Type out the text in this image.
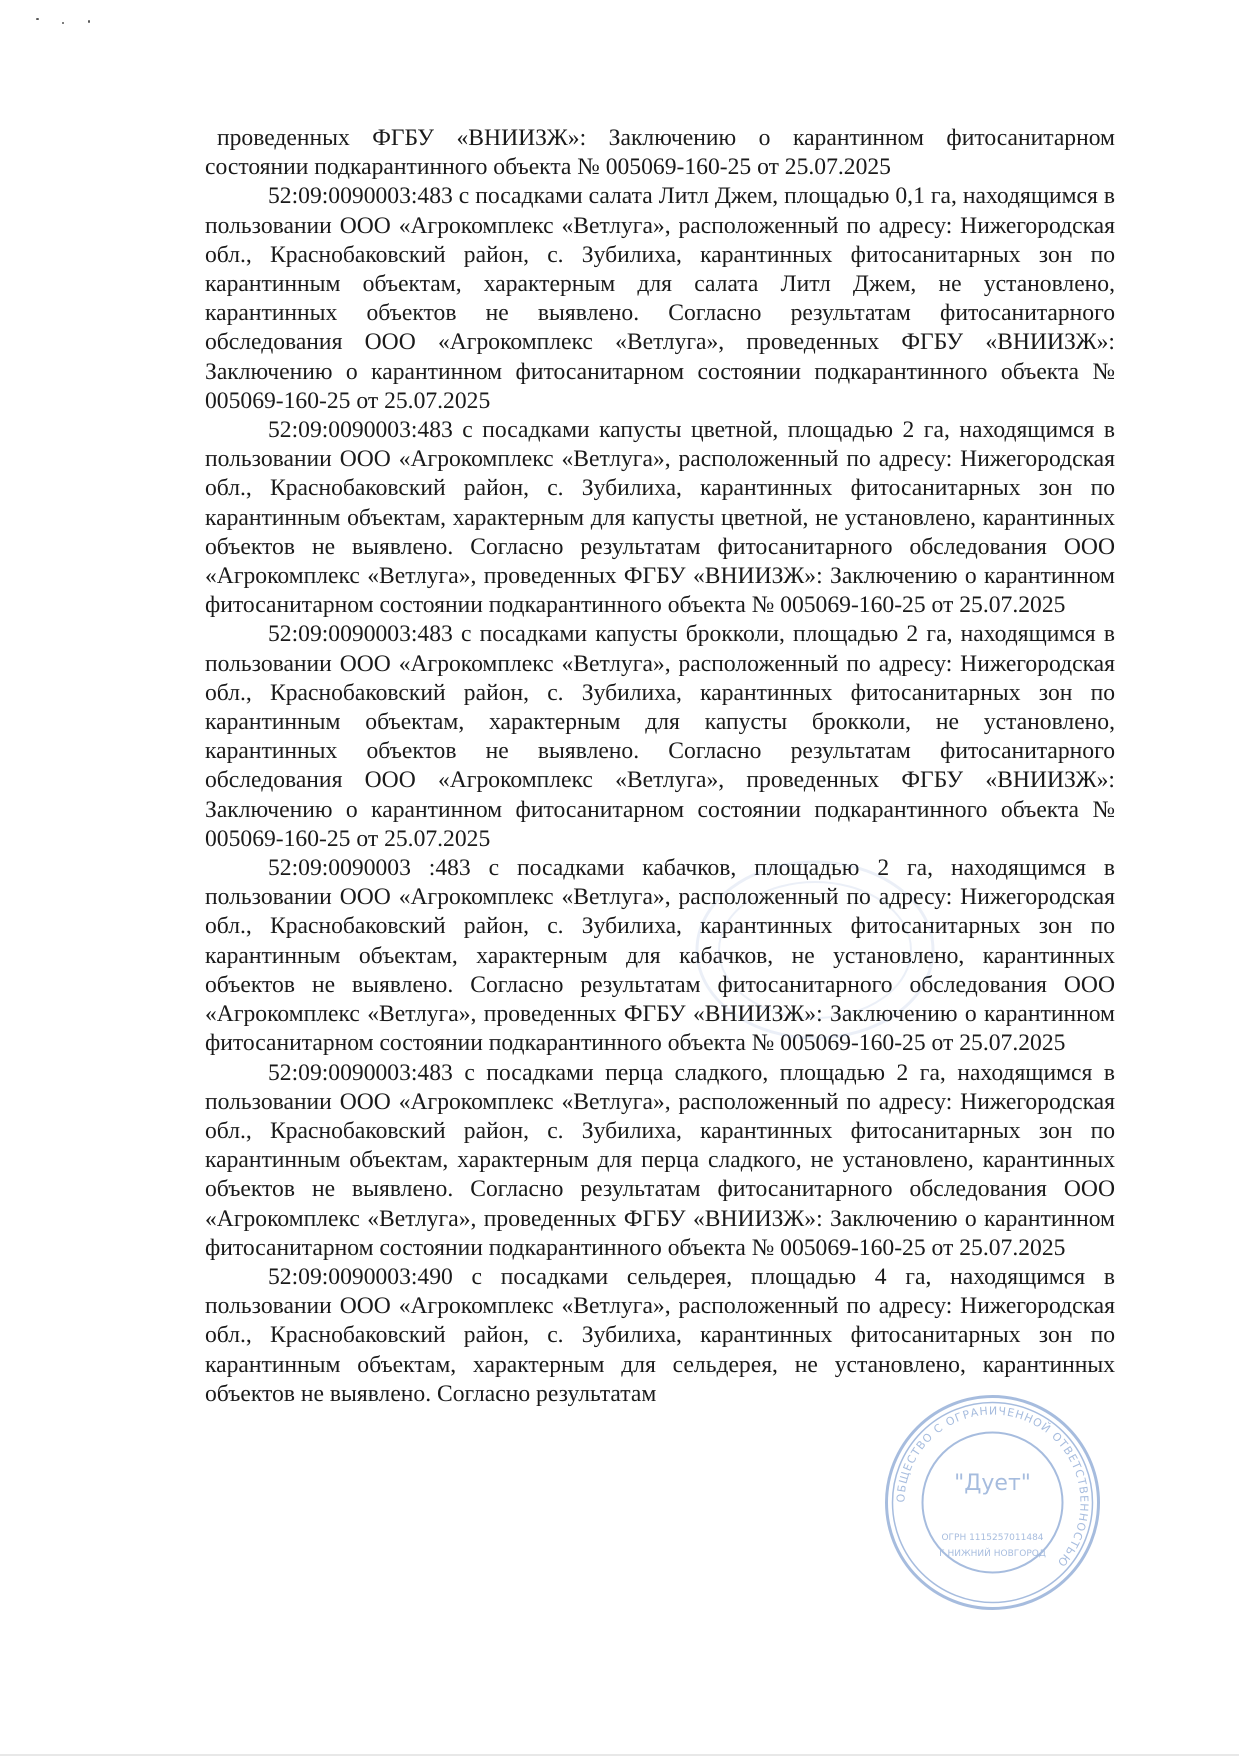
проведенных ФГБУ «ВНИИЗЖ»: Заключению о карантинном фитосанитарном состоянии подкарантинного объекта № 005069-160-25 от 25.07.2025

52:09:0090003:483 с посадками салата Литл Джем, площадью 0,1 га, находящимся в пользовании ООО «Агрокомплекс «Ветлуга», расположенный по адресу: Нижегородская обл., Краснобаковский район, с. Зубилиха, карантинных фитосанитарных зон по карантинным объектам, характерным для салата Литл Джем, не установлено, карантинных объектов не выявлено. Согласно результатам фитосанитарного обследования ООО «Агрокомплекс «Ветлуга», проведенных ФГБУ «ВНИИЗЖ»: Заключению о карантинном фитосанитарном состоянии подкарантинного объекта № 005069-160-25 от 25.07.2025

52:09:0090003:483 с посадками капусты цветной, площадью 2 га, находящимся в пользовании ООО «Агрокомплекс «Ветлуга», расположенный по адресу: Нижегородская обл., Краснобаковский район, с. Зубилиха, карантинных фитосанитарных зон по карантинным объектам, характерным для капусты цветной, не установлено, карантинных объектов не выявлено. Согласно результатам фитосанитарного обследования ООО «Агрокомплекс «Ветлуга», проведенных ФГБУ «ВНИИЗЖ»: Заключению о карантинном фитосанитарном состоянии подкарантинного объекта № 005069-160-25 от 25.07.2025

52:09:0090003:483 с посадками капусты брокколи, площадью 2 га, находящимся в пользовании ООО «Агрокомплекс «Ветлуга», расположенный по адресу: Нижегородская обл., Краснобаковский район, с. Зубилиха, карантинных фитосанитарных зон по карантинным объектам, характерным для капусты брокколи, не установлено, карантинных объектов не выявлено. Согласно результатам фитосанитарного обследования ООО «Агрокомплекс «Ветлуга», проведенных ФГБУ «ВНИИЗЖ»: Заключению о карантинном фитосанитарном состоянии подкарантинного объекта № 005069-160-25 от 25.07.2025

52:09:0090003 :483 с посадками кабачков, площадью 2 га, находящимся в пользовании ООО «Агрокомплекс «Ветлуга», расположенный по адресу: Нижегородская обл., Краснобаковский район, с. Зубилиха, карантинных фитосанитарных зон по карантинным объектам, характерным для кабачков, не установлено, карантинных объектов не выявлено. Согласно результатам фитосанитарного обследования ООО «Агрокомплекс «Ветлуга», проведенных ФГБУ «ВНИИЗЖ»: Заключению о карантинном фитосанитарном состоянии подкарантинного объекта № 005069-160-25 от 25.07.2025

52:09:0090003:483 с посадками перца сладкого, площадью 2 га, находящимся в пользовании ООО «Агрокомплекс «Ветлуга», расположенный по адресу: Нижегородская обл., Краснобаковский район, с. Зубилиха, карантинных фитосанитарных зон по карантинным объектам, характерным для перца сладкого, не установлено, карантинных объектов не выявлено. Согласно результатам фитосанитарного обследования ООО «Агрокомплекс «Ветлуга», проведенных ФГБУ «ВНИИЗЖ»: Заключению о карантинном фитосанитарном состоянии подкарантинного объекта № 005069-160-25 от 25.07.2025

52:09:0090003:490 с посадками сельдерея, площадью 4 га, находящимся в пользовании ООО «Агрокомплекс «Ветлуга», расположенный по адресу: Нижегородская обл., Краснобаковский район, с. Зубилиха, карантинных фитосанитарных зон по карантинным объектам, характерным для сельдерея, не установлено, карантинных объектов не выявлено. Согласно результатам

ОБЩЕСТВО С ОГРАНИЧЕННОЙ ОТВЕТСТВЕННОСТЬЮ
"Дует"
ОГРН 1115257011484
Г.НИЖНИЙ НОВГОРОД
